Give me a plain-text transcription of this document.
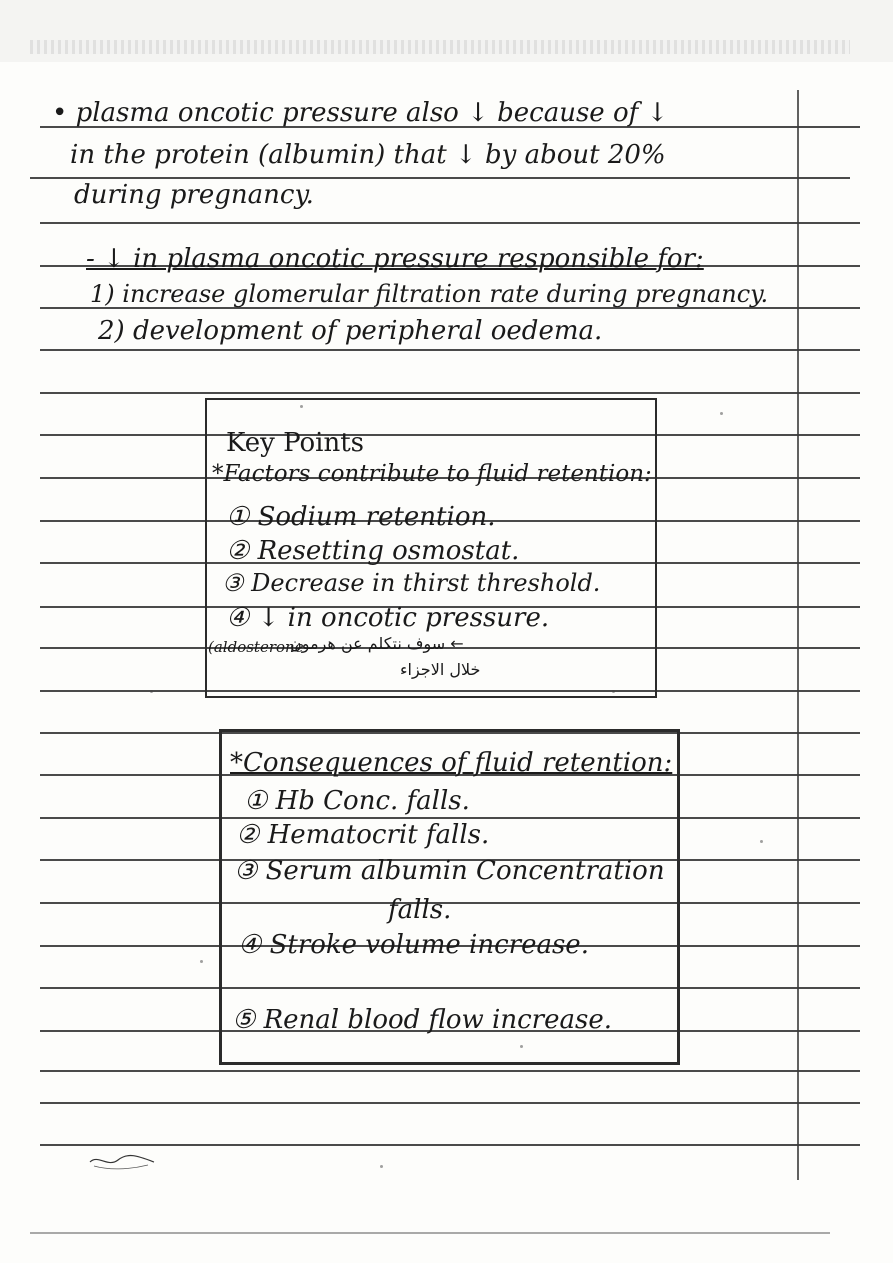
• plasma oncotic pressure also ↓ because of ↓
in the protein (albumin) that ↓ by about 20%
during pregnancy.
- ↓ in plasma oncotic pressure responsible for:
1) increase glomerular filtration rate during pregnancy.
2) development of peripheral oedema.
Key Points
*Factors contribute to fluid retention:
① Sodium retention.
② Resetting osmostat.
③ Decrease in thirst threshold.
④ ↓ in oncotic pressure.
(aldosterone
سوف نتكلم عن هرمون ←
خلال الاجزاء
*Consequences of fluid retention:
① Hb Conc. falls.
② Hematocrit falls.
③ Serum albumin Concentration
falls.
④ Stroke volume increase.
⑤ Renal blood flow increase.
